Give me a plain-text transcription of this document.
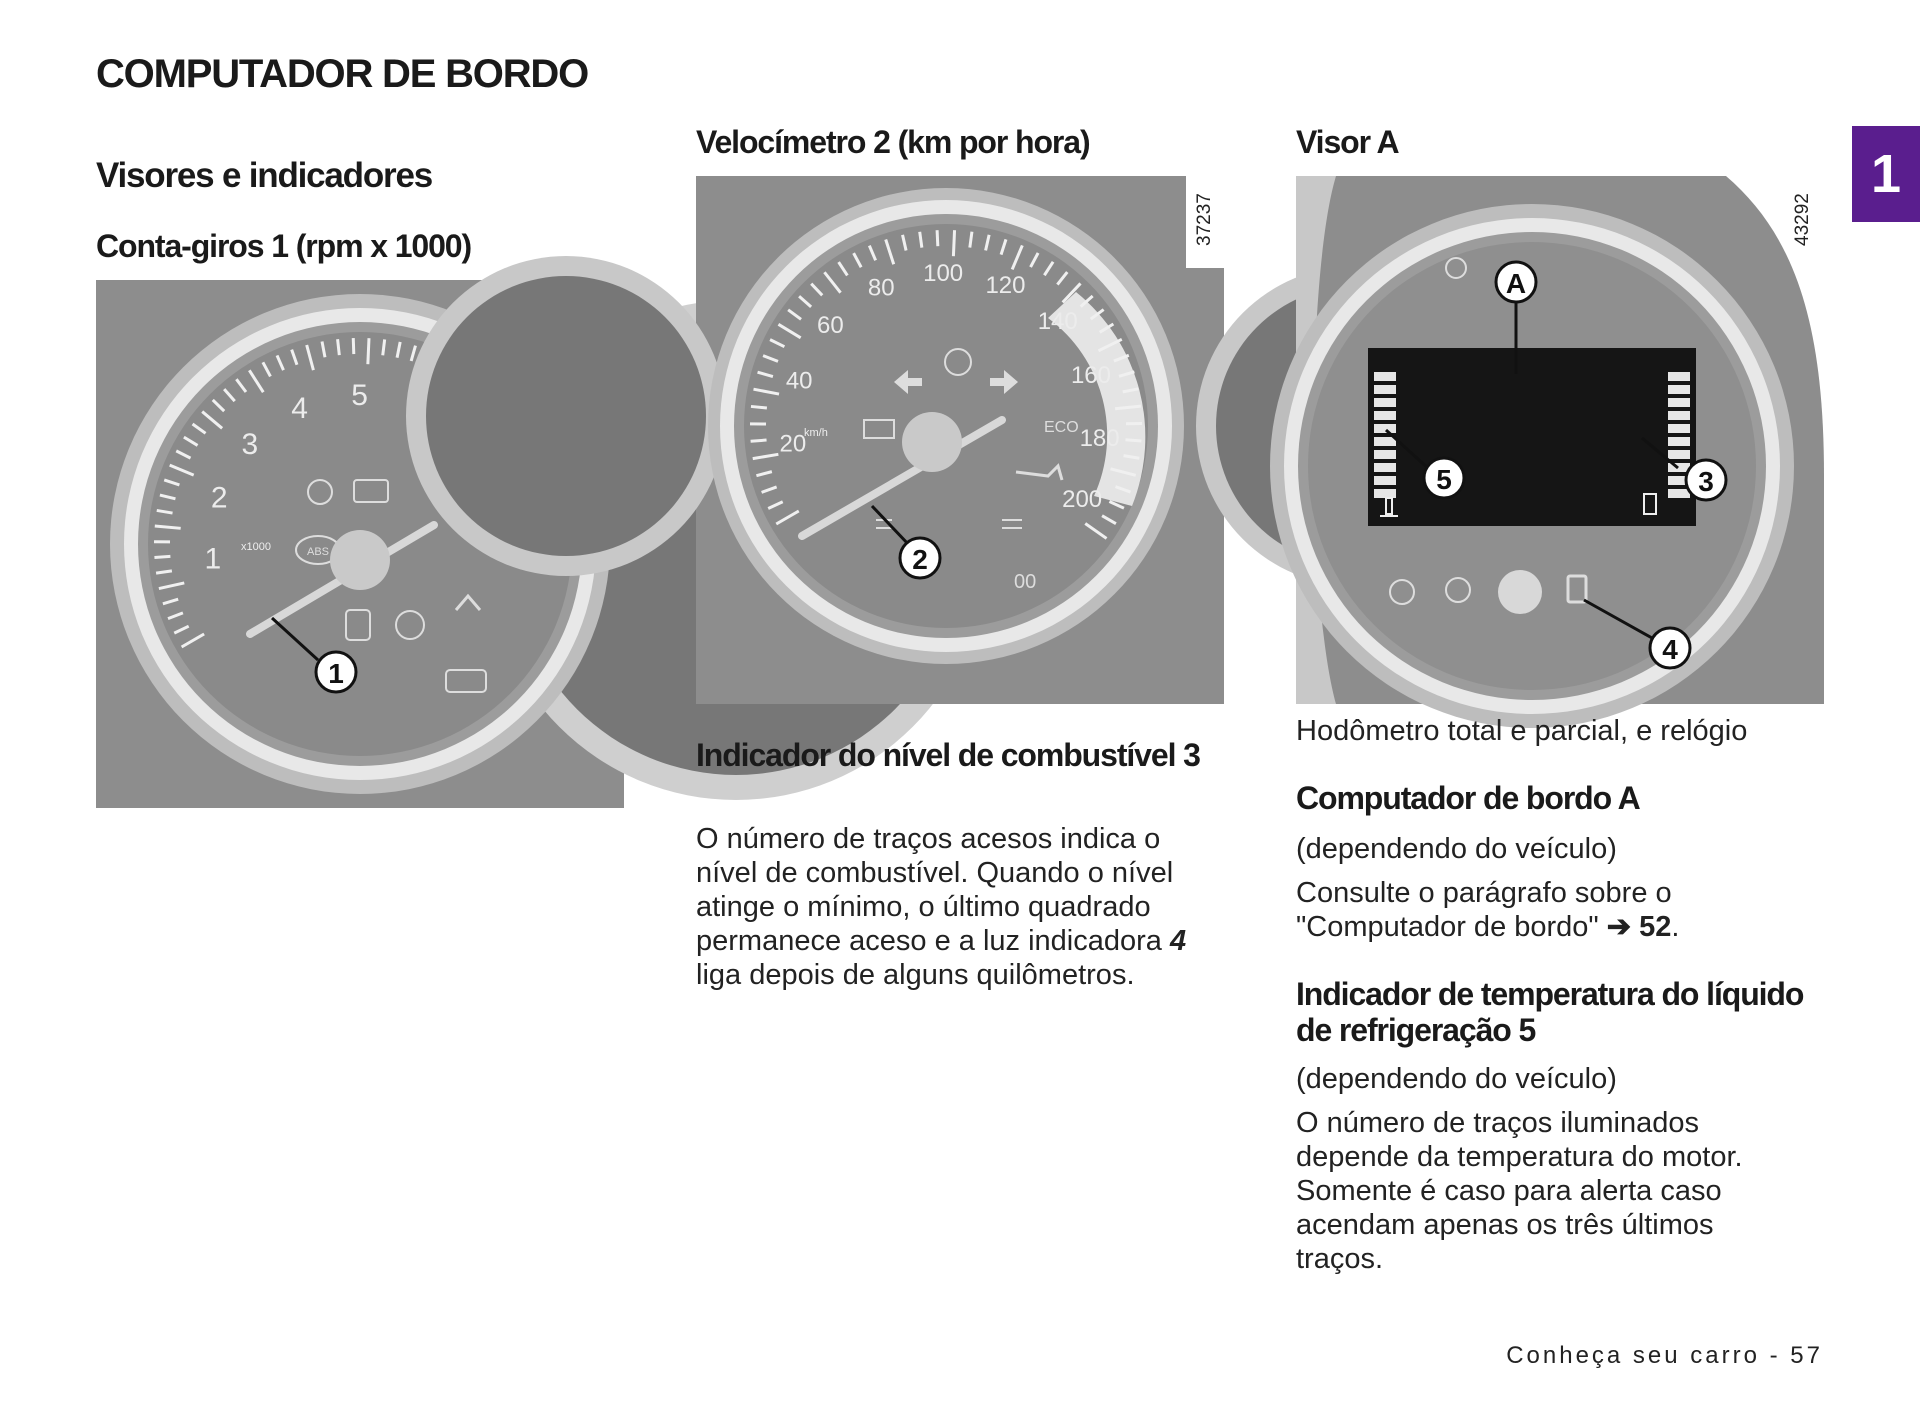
1
COMPUTADOR DE BORDO
Visores e indicadores
Conta-giros 1 (rpm x 1000)
1
2
3
4 5
x1000	ABS
1
Velocímetro 2 (km por hora)
20
40
60
80
100 120
140
160
180
200
km/h	ECO
00
2
37237
Indicador do nível de combustível 3
O número de traços acesos indica o nível de combustível. Quando o nível atinge o mínimo, o último quadrado permanece aceso e a luz indicadora 4 liga depois de alguns quilômetros.
Visor A
A
5	3
4
43292
Hodômetro total e parcial, e relógio
Computador de bordo A

(dependendo do veículo)

Consulte o parágrafo sobre o "Computador de bordo" ➔ 52.

Indicador de temperatura do líquido de refrigeração 5

(dependendo do veículo)

O número de traços iluminados depende da temperatura do motor. Somente é caso para alerta caso acendam apenas os três últimos traços.

Conheça seu carro - 57
